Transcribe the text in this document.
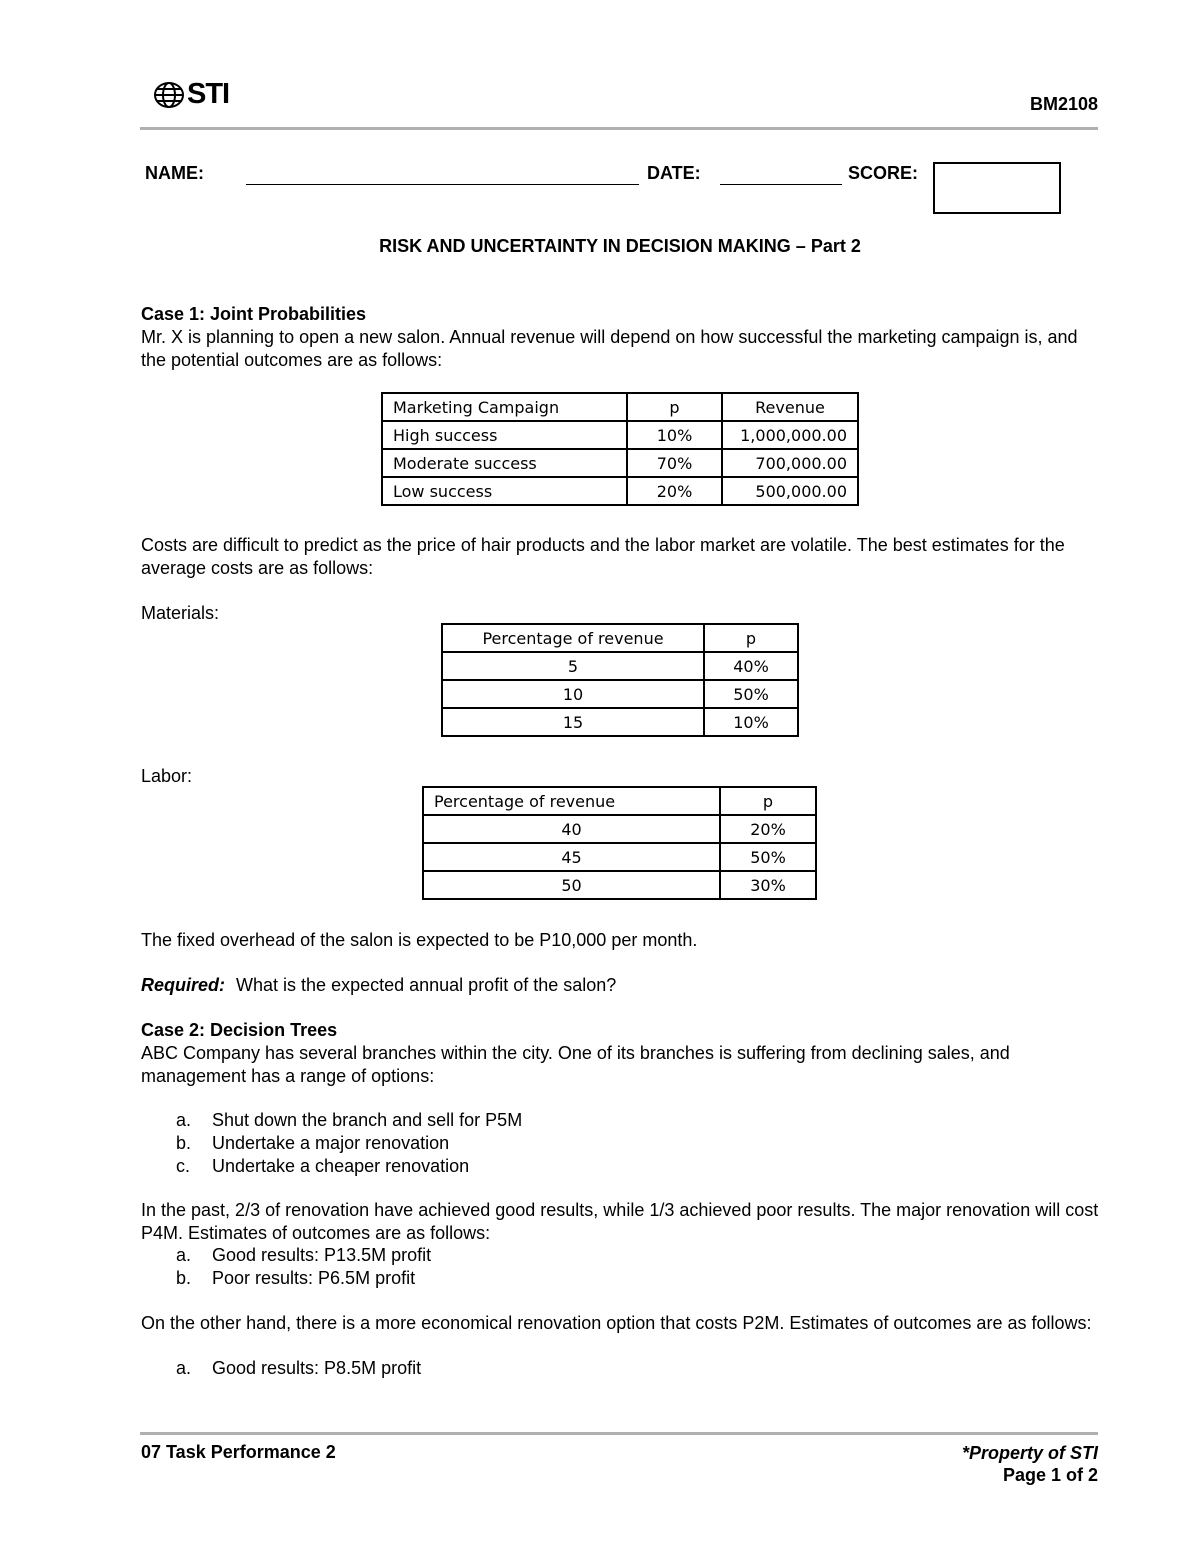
STI	BM2108
NAME:	DATE:	SCORE:
RISK AND UNCERTAINTY IN DECISION MAKING – Part 2
Case 1: Joint Probabilities
Mr. X is planning to open a new salon. Annual revenue will depend on how successful the marketing campaign is, and the potential outcomes are as follows:
Marketing Campaign	p	Revenue
High success	10%	1,000,000.00
Moderate success	70%	700,000.00
Low success	20%	500,000.00
Costs are difficult to predict as the price of hair products and the labor market are volatile. The best estimates for the average costs are as follows:
Materials:
Percentage of revenue	p
5	40%
10	50%
15	10%
Labor:
Percentage of revenue	p
40	20%
45	50%
50	30%
The fixed overhead of the salon is expected to be P10,000 per month.
Required: What is the expected annual profit of the salon?
Case 2: Decision Trees
ABC Company has several branches within the city. One of its branches is suffering from declining sales, and management has a range of options:
a. Shut down the branch and sell for P5M
b. Undertake a major renovation
c. Undertake a cheaper renovation
In the past, 2/3 of renovation have achieved good results, while 1/3 achieved poor results. The major renovation will cost P4M. Estimates of outcomes are as follows:
a. Good results: P13.5M profit
b. Poor results: P6.5M profit
On the other hand, there is a more economical renovation option that costs P2M. Estimates of outcomes are as follows:
a. Good results: P8.5M profit
07 Task Performance 2	*Property of STI
Page 1 of 2
